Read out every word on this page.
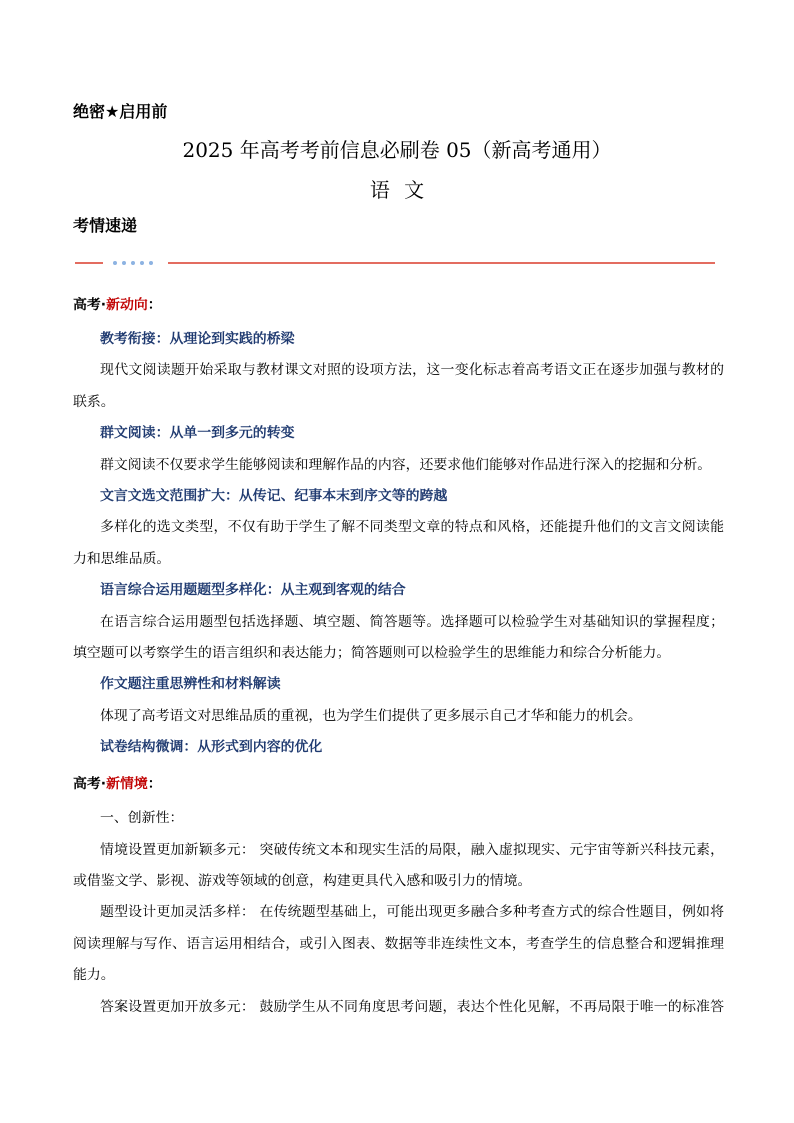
绝密★启用前
2025 年高考考前信息必刷卷 05（新高考通用）
语 文
考情速递
高考·新动向：
教考衔接：从理论到实践的桥梁
现代文阅读题开始采取与教材课文对照的设项方法，这一变化标志着高考语文正在逐步加强与教材的
联系。
群文阅读：从单一到多元的转变
群文阅读不仅要求学生能够阅读和理解作品的内容，还要求他们能够对作品进行深入的挖掘和分析。
文言文选文范围扩大：从传记、纪事本末到序文等的跨越
多样化的选文类型，不仅有助于学生了解不同类型文章的特点和风格，还能提升他们的文言文阅读能
力和思维品质。
语言综合运用题题型多样化：从主观到客观的结合
在语言综合运用题型包括选择题、填空题、简答题等。选择题可以检验学生对基础知识的掌握程度；
填空题可以考察学生的语言组织和表达能力；简答题则可以检验学生的思维能力和综合分析能力。
作文题注重思辨性和材料解读
体现了高考语文对思维品质的重视，也为学生们提供了更多展示自己才华和能力的机会。
试卷结构微调：从形式到内容的优化
高考·新情境：
一、创新性：
情境设置更加新颖多元： 突破传统文本和现实生活的局限，融入虚拟现实、元宇宙等新兴科技元素，
或借鉴文学、影视、游戏等领域的创意，构建更具代入感和吸引力的情境。
题型设计更加灵活多样： 在传统题型基础上，可能出现更多融合多种考查方式的综合性题目，例如将
阅读理解与写作、语言运用相结合，或引入图表、数据等非连续性文本，考查学生的信息整合和逻辑推理
能力。
答案设置更加开放多元： 鼓励学生从不同角度思考问题，表达个性化见解，不再局限于唯一的标准答
